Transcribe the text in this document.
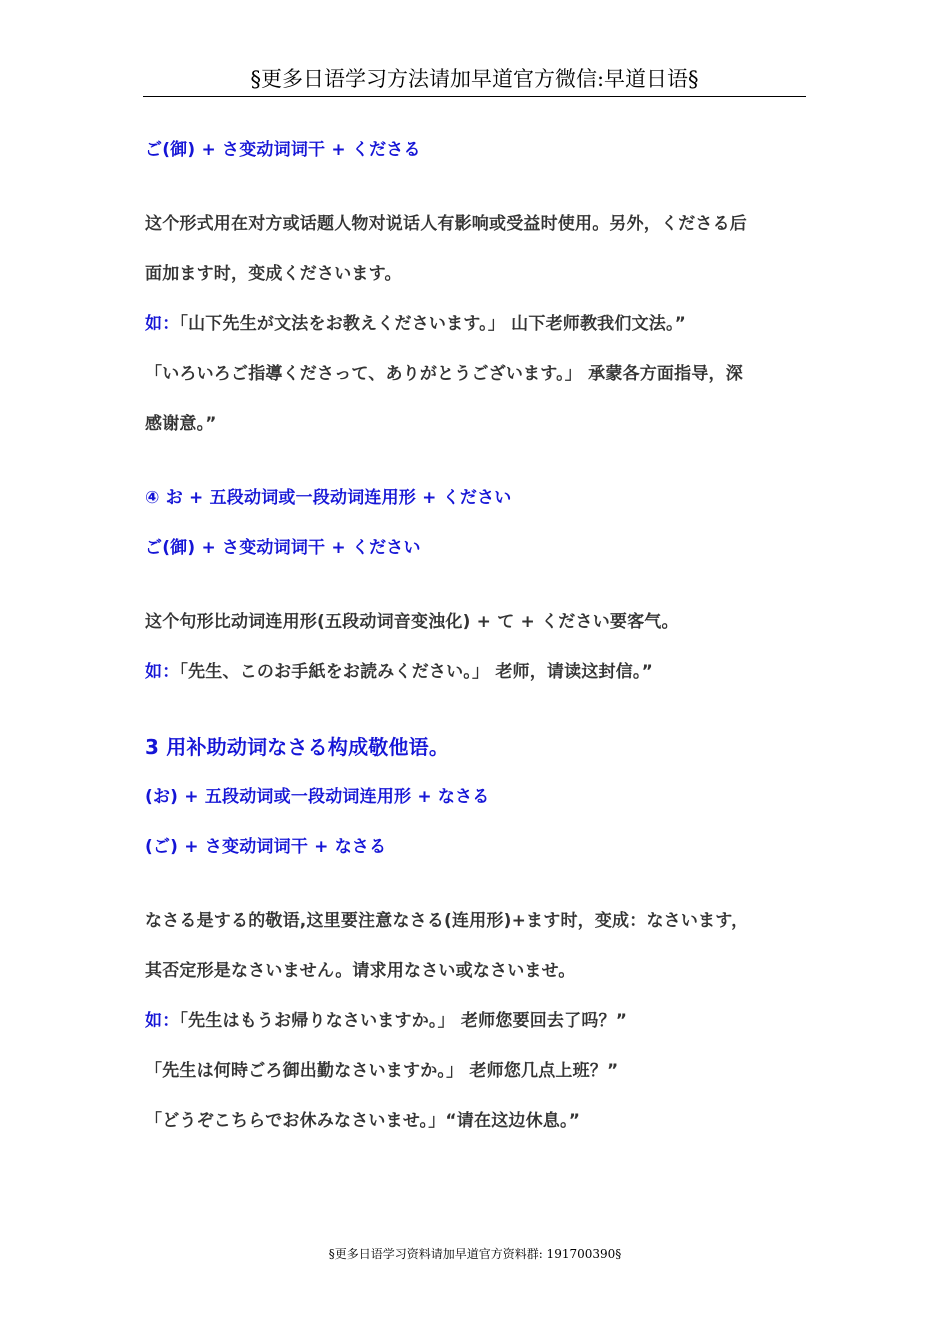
§更多日语学习方法请加早道官方微信:早道日语§
ご(御) + さ变动词词干 + くださる
这个形式用在对方或话题人物对说话人有影响或受益时使用。另外，くださる后
面加ます时，变成くださいます。
如：「山下先生が文法をお教えくださいます。」 山下老师教我们文法。”
「いろいろご指導くださって、ありがとうございます。」 承蒙各方面指导，深
感谢意。”
④ お + 五段动词或一段动词连用形 + ください
ご(御) + さ变动词词干 + ください
这个句形比动词连用形(五段动词音变浊化) + て + ください要客气。
如：「先生、このお手紙をお読みください。」 老师，请读这封信。”
3 用补助动词なさる构成敬他语。
(お) + 五段动词或一段动词连用形 + なさる
(ご) + さ变动词词干 + なさる
なさる是する的敬语,这里要注意なさる(连用形)+ます时，变成：なさいます，
其否定形是なさいません。请求用なさい或なさいませ。
如：「先生はもうお帰りなさいますか。」 老师您要回去了吗？”
「先生は何時ごろ御出勤なさいますか。」 老师您几点上班？”
「どうぞこちらでお休みなさいませ。」“请在这边休息。”
§更多日语学习资料请加早道官方资料群: 191700390§
